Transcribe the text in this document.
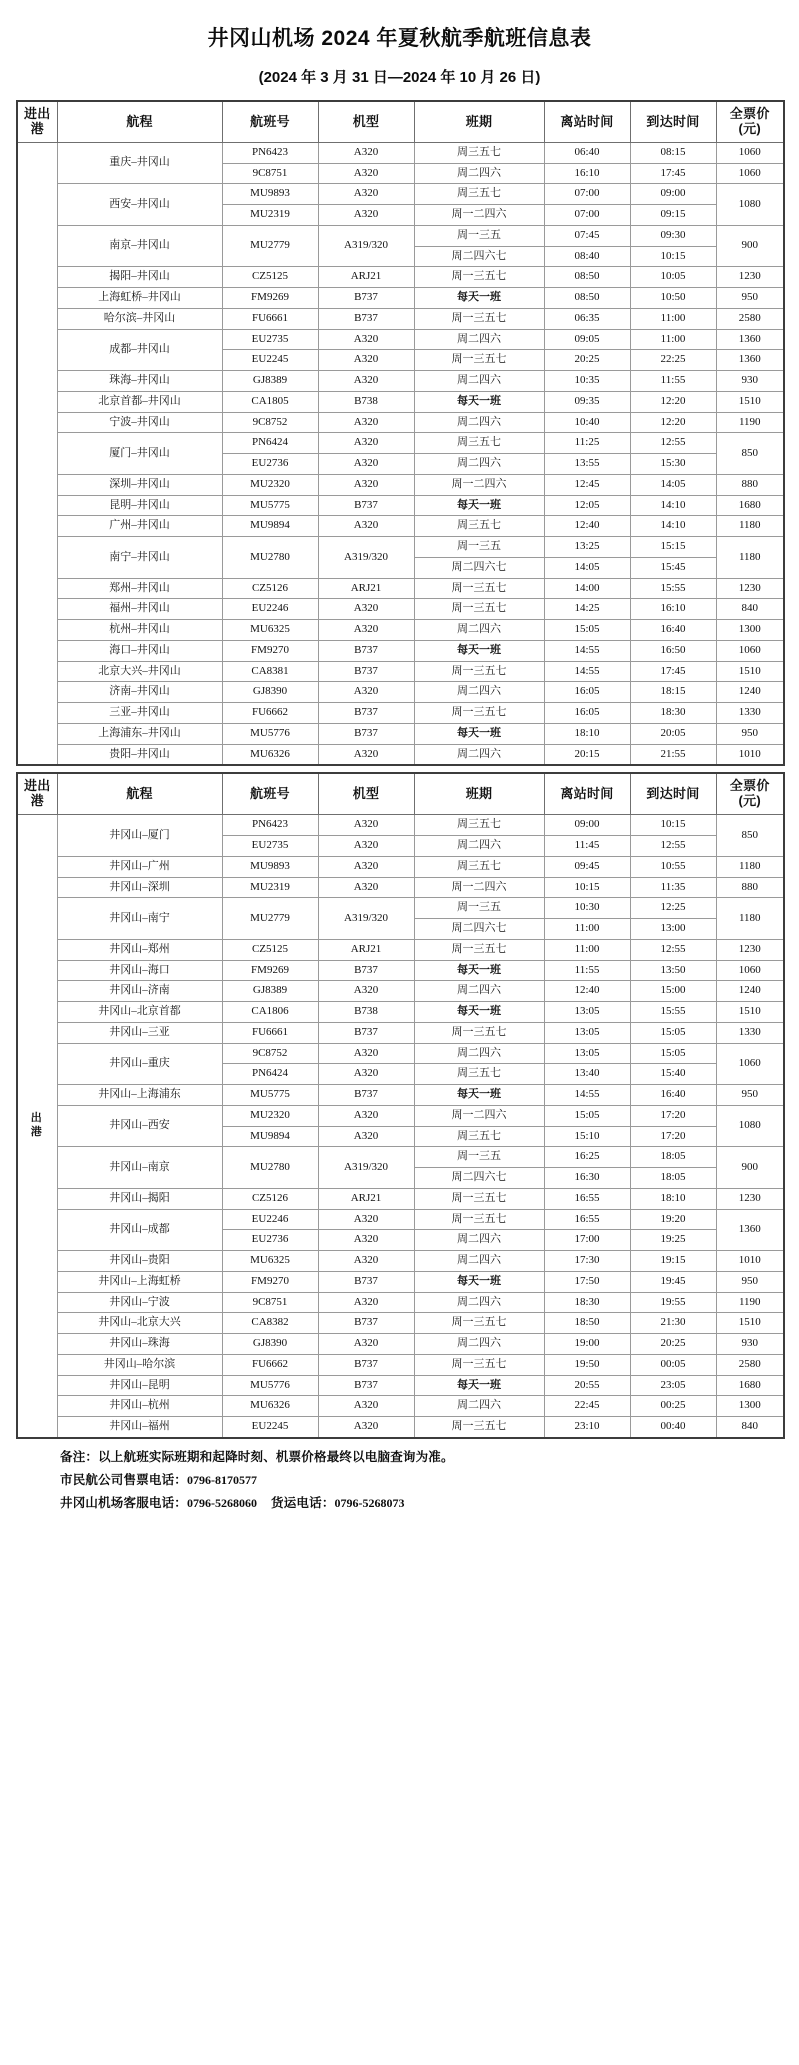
井冈山机场 2024 年夏秋航季航班信息表
(2024 年 3 月 31 日—2024 年 10 月 26 日)
进出
港	航程	航班号	机型	班期	离站时间	到达时间	全票价
(元)

	重庆–井冈山	PN6423	A320	周三五七	06:40	08:15	1060
		9C8751	A320	周二四六	16:10	17:45	1060
	西安–井冈山	MU9893	A320	周三五七	07:00	09:00	1080
		MU2319	A320	周一二四六	07:00	09:15	
	南京–井冈山	MU2779	A319/320	周一三五	07:45	09:30	900
				周二四六七	08:40	10:15	
	揭阳–井冈山	CZ5125	ARJ21	周一三五七	08:50	10:05	1230
	上海虹桥–井冈山	FM9269	B737	每天一班	08:50	10:50	950
	哈尔滨–井冈山	FU6661	B737	周一三五七	06:35	11:00	2580
	成都–井冈山	EU2735	A320	周二四六	09:05	11:00	1360
		EU2245	A320	周一三五七	20:25	22:25	1360
	珠海–井冈山	GJ8389	A320	周二四六	10:35	11:55	930
	北京首都–井冈山	CA1805	B738	每天一班	09:35	12:20	1510
	宁波–井冈山	9C8752	A320	周二四六	10:40	12:20	1190
	厦门–井冈山	PN6424	A320	周三五七	11:25	12:55	850
		EU2736	A320	周二四六	13:55	15:30	
	深圳–井冈山	MU2320	A320	周一二四六	12:45	14:05	880
	昆明–井冈山	MU5775	B737	每天一班	12:05	14:10	1680
	广州–井冈山	MU9894	A320	周三五七	12:40	14:10	1180
	南宁–井冈山	MU2780	A319/320	周一三五	13:25	15:15	1180
				周二四六七	14:05	15:45	
	郑州–井冈山	CZ5126	ARJ21	周一三五七	14:00	15:55	1230
	福州–井冈山	EU2246	A320	周一三五七	14:25	16:10	840
	杭州–井冈山	MU6325	A320	周二四六	15:05	16:40	1300
	海口–井冈山	FM9270	B737	每天一班	14:55	16:50	1060
	北京大兴–井冈山	CA8381	B737	周一三五七	14:55	17:45	1510
	济南–井冈山	GJ8390	A320	周二四六	16:05	18:15	1240
	三亚–井冈山	FU6662	B737	周一三五七	16:05	18:30	1330
	上海浦东–井冈山	MU5776	B737	每天一班	18:10	20:05	950
	贵阳–井冈山	MU6326	A320	周二四六	20:15	21:55	1010
进出
港	航程	航班号	机型	班期	离站时间	到达时间	全票价
(元)

出
港	井冈山–厦门	PN6423	A320	周三五七	09:00	10:15	850
		EU2735	A320	周二四六	11:45	12:55	
	井冈山–广州	MU9893	A320	周三五七	09:45	10:55	1180
	井冈山–深圳	MU2319	A320	周一二四六	10:15	11:35	880
	井冈山–南宁	MU2779	A319/320	周一三五	10:30	12:25	1180
				周二四六七	11:00	13:00	
	井冈山–郑州	CZ5125	ARJ21	周一三五七	11:00	12:55	1230
	井冈山–海口	FM9269	B737	每天一班	11:55	13:50	1060
	井冈山–济南	GJ8389	A320	周二四六	12:40	15:00	1240
	井冈山–北京首都	CA1806	B738	每天一班	13:05	15:55	1510
	井冈山–三亚	FU6661	B737	周一三五七	13:05	15:05	1330
	井冈山–重庆	9C8752	A320	周二四六	13:05	15:05	1060
		PN6424	A320	周三五七	13:40	15:40	
	井冈山–上海浦东	MU5775	B737	每天一班	14:55	16:40	950
	井冈山–西安	MU2320	A320	周一二四六	15:05	17:20	1080
		MU9894	A320	周三五七	15:10	17:20	
	井冈山–南京	MU2780	A319/320	周一三五	16:25	18:05	900
				周二四六七	16:30	18:05	
	井冈山–揭阳	CZ5126	ARJ21	周一三五七	16:55	18:10	1230
	井冈山–成都	EU2246	A320	周一三五七	16:55	19:20	1360
		EU2736	A320	周二四六	17:00	19:25	
	井冈山–贵阳	MU6325	A320	周二四六	17:30	19:15	1010
	井冈山–上海虹桥	FM9270	B737	每天一班	17:50	19:45	950
	井冈山–宁波	9C8751	A320	周二四六	18:30	19:55	1190
	井冈山–北京大兴	CA8382	B737	周一三五七	18:50	21:30	1510
	井冈山–珠海	GJ8390	A320	周二四六	19:00	20:25	930
	井冈山–哈尔滨	FU6662	B737	周一三五七	19:50	00:05	2580
	井冈山–昆明	MU5776	B737	每天一班	20:55	23:05	1680
	井冈山–杭州	MU6326	A320	周二四六	22:45	00:25	1300
	井冈山–福州	EU2245	A320	周一三五七	23:10	00:40	840
备注：以上航班实际班期和起降时刻、机票价格最终以电脑查询为准。
市民航公司售票电话：0796-8170577
井冈山机场客服电话：0796-5268060 货运电话：0796-5268073
